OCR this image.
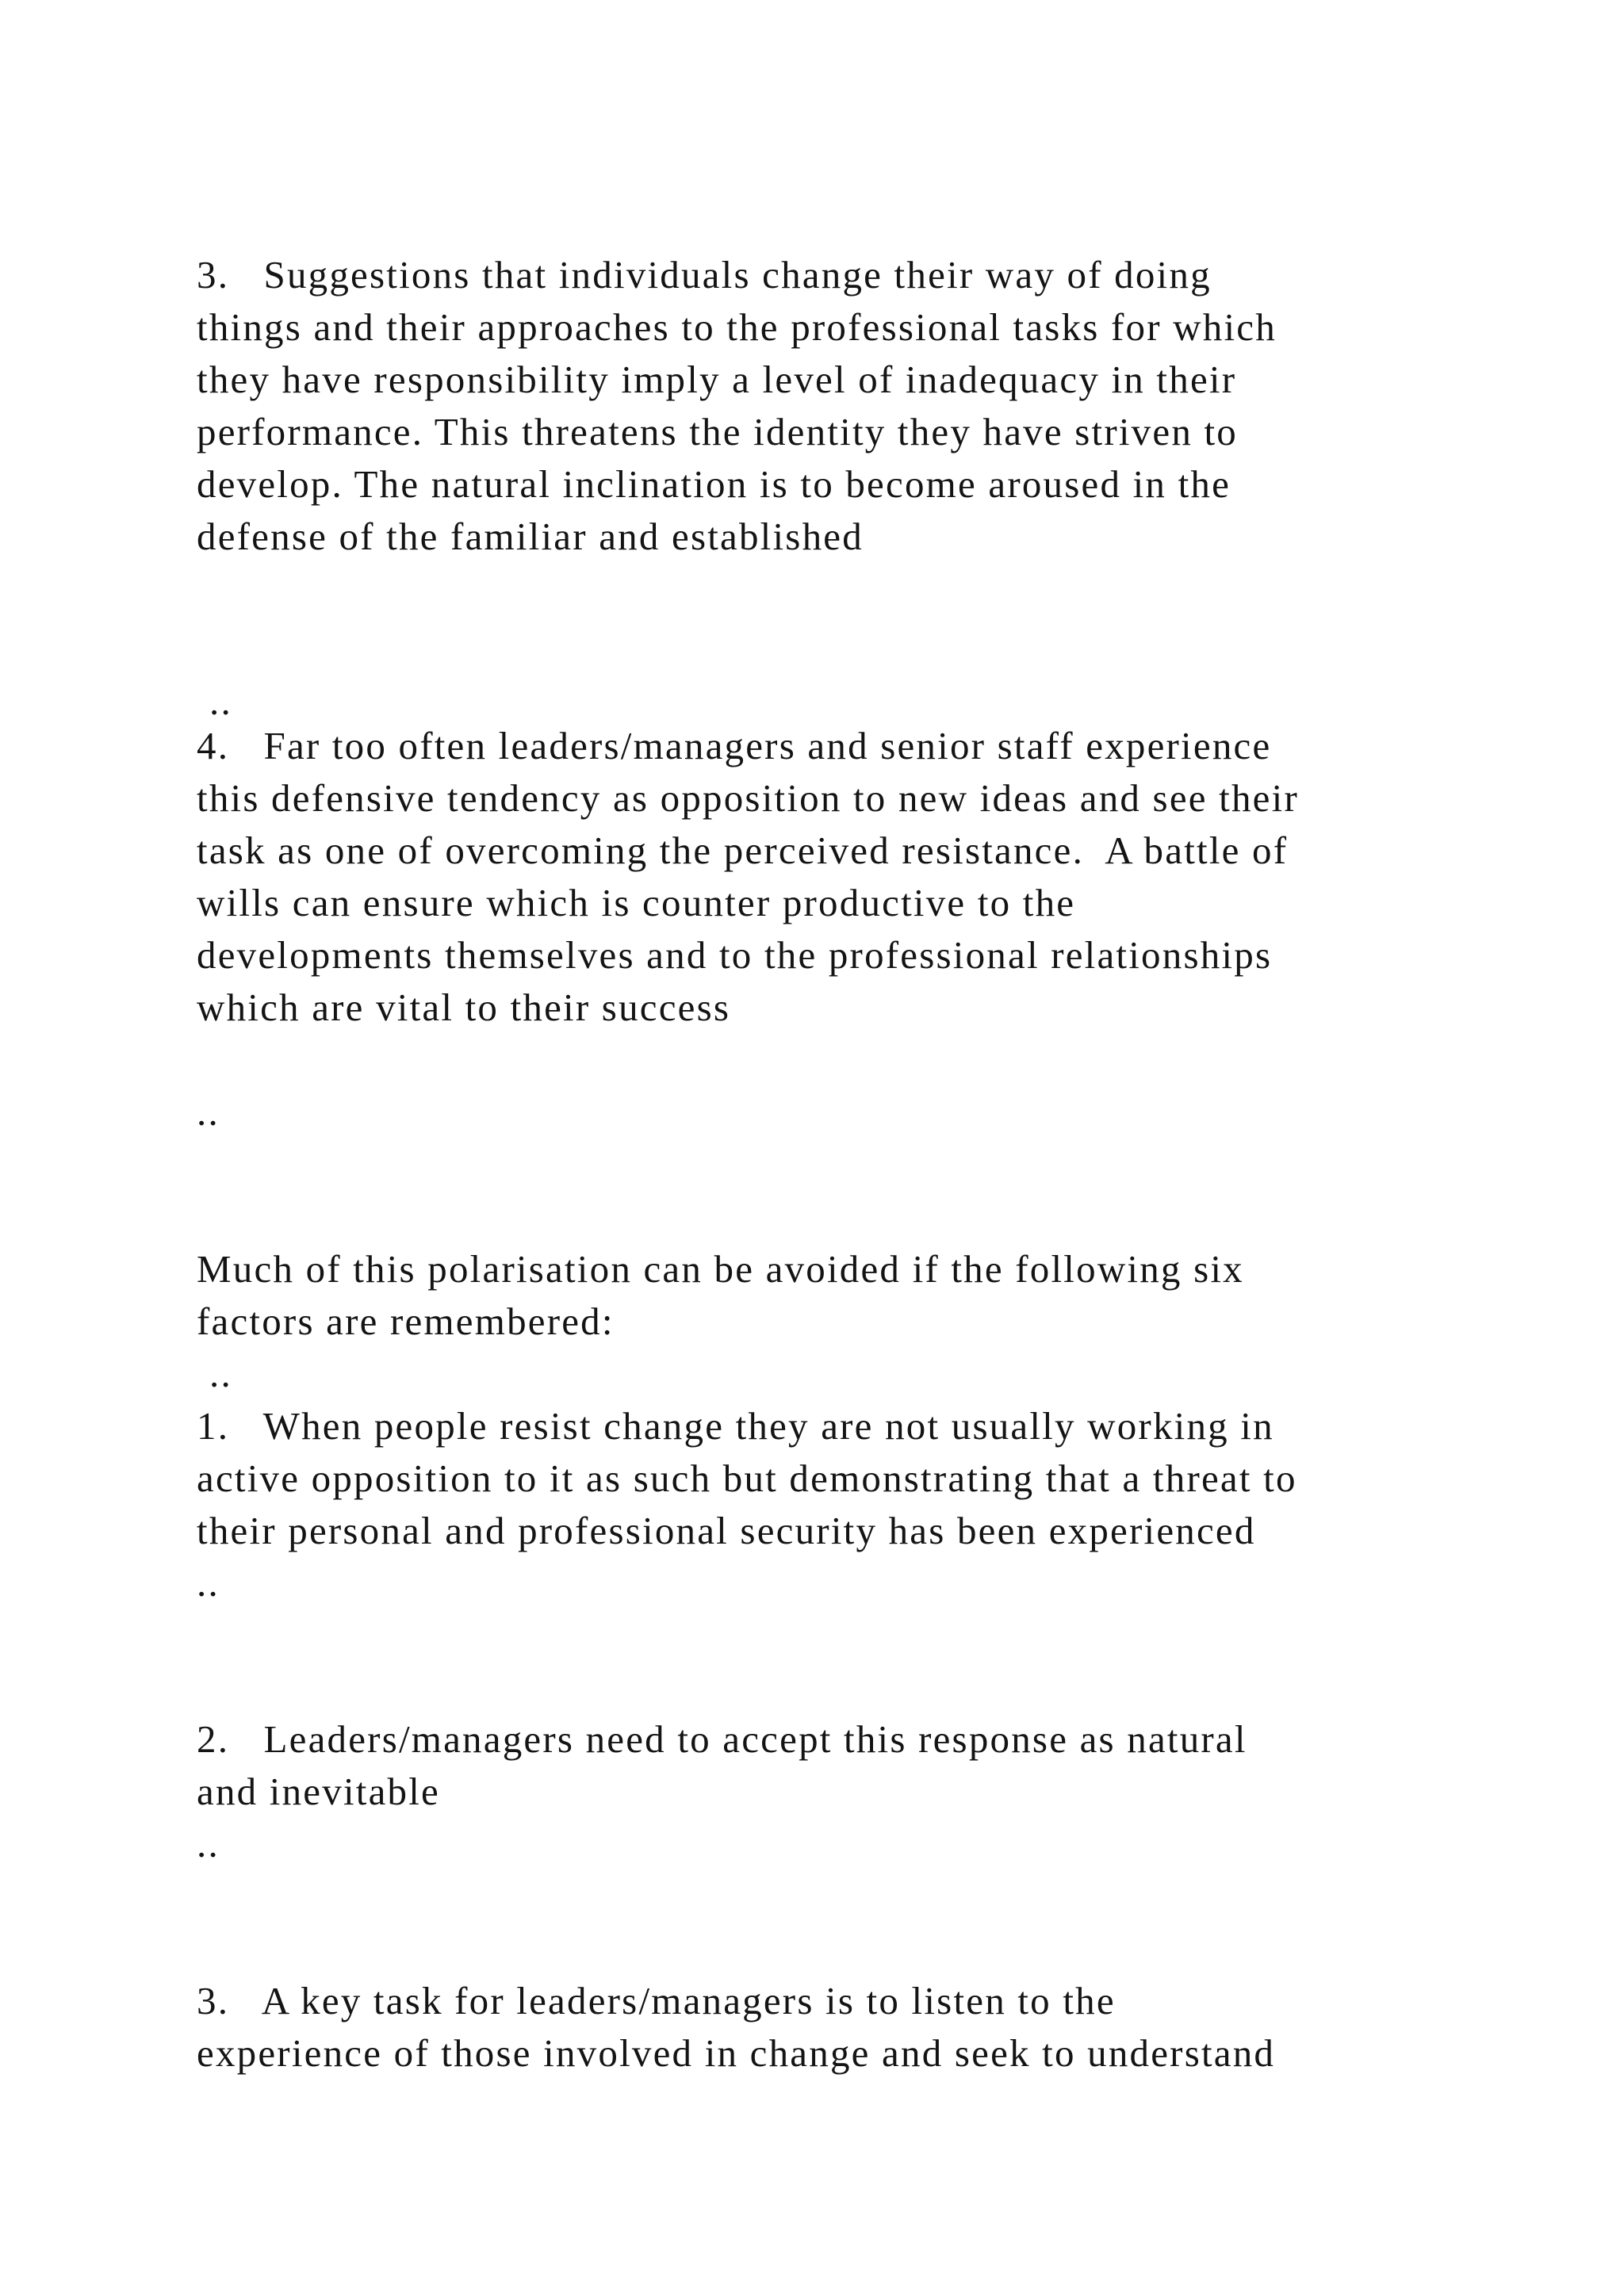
3.   Suggestions that individuals change their way of doing
things and their approaches to the professional tasks for which
they have responsibility imply a level of inadequacy in their
performance. This threatens the identity they have striven to
develop. The natural inclination is to become aroused in the
defense of the familiar and established
..
4.   Far too often leaders/managers and senior staff experience
this defensive tendency as opposition to new ideas and see their
task as one of overcoming the perceived resistance.  A battle of
wills can ensure which is counter productive to the
developments themselves and to the professional relationships
which are vital to their success
..
Much of this polarisation can be avoided if the following six
factors are remembered:
..
1.   When people resist change they are not usually working in
active opposition to it as such but demonstrating that a threat to
their personal and professional security has been experienced
..
2.   Leaders/managers need to accept this response as natural
and inevitable
..
3.   A key task for leaders/managers is to listen to the
experience of those involved in change and seek to understand
